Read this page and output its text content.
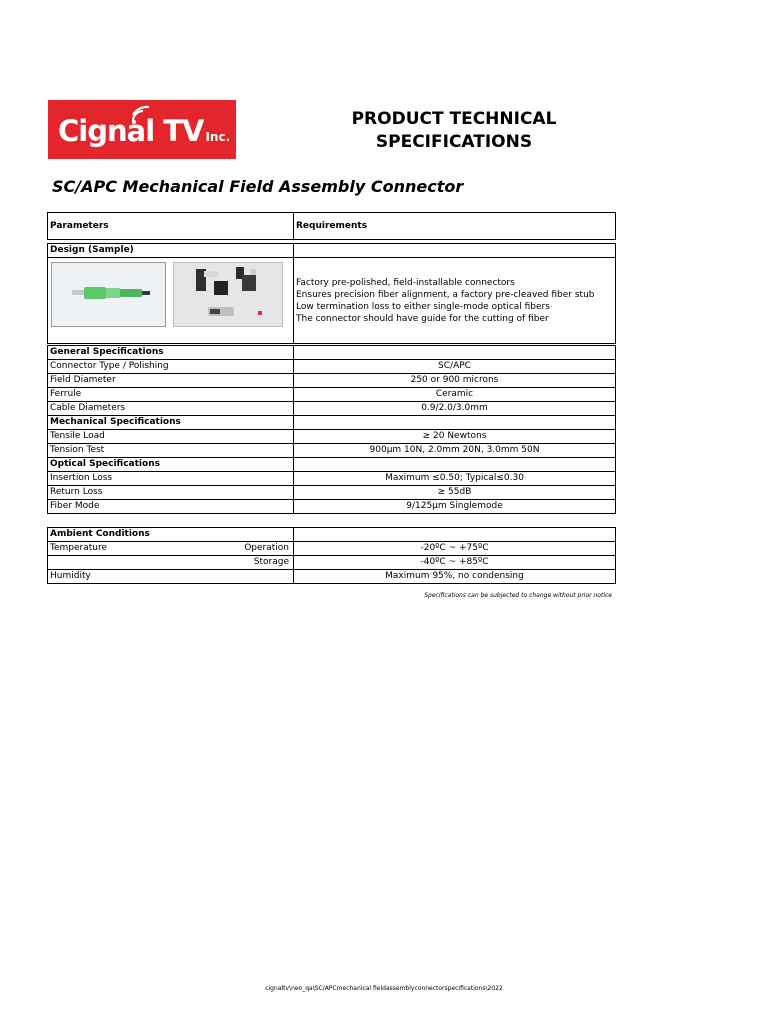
Cignal TV Inc.
PRODUCT TECHNICAL
SPECIFICATIONS
SC/APC Mechanical Field Assembly Connector
Parameters	Requirements
Design (Sample)	

Factory pre-polished, field-installable connectors
Ensures precision fiber alignment, a factory pre-cleaved fiber stub
Low termination loss to either single-mode optical fibers
The connector should have guide for the cutting of fiber
General Specifications	
Connector Type / Polishing	SC/APC
Field Diameter	250 or 900 microns
Ferrule	Ceramic
Cable Diameters	0.9/2.0/3.0mm
Mechanical Specifications	
Tensile Load	≥ 20 Newtons
Tension Test	900μm 10N, 2.0mm 20N, 3.0mm 50N
Optical Specifications	
Insertion Loss	Maximum ≤0.50; Typical≤0.30
Return Loss	≥ 55dB
Fiber Mode	9/125μm Singlemode
Ambient Conditions	
Temperature Operation	-20ºC ~ +75ºC

Storage	-40ºC ~ +85ºC
Humidity	Maximum 95%, no condensing
Specifications can be subjected to change without prior notice
cignaltv\neo_qa\SC/APCmechanical fieldassemblyconnectorspecifications\2022
